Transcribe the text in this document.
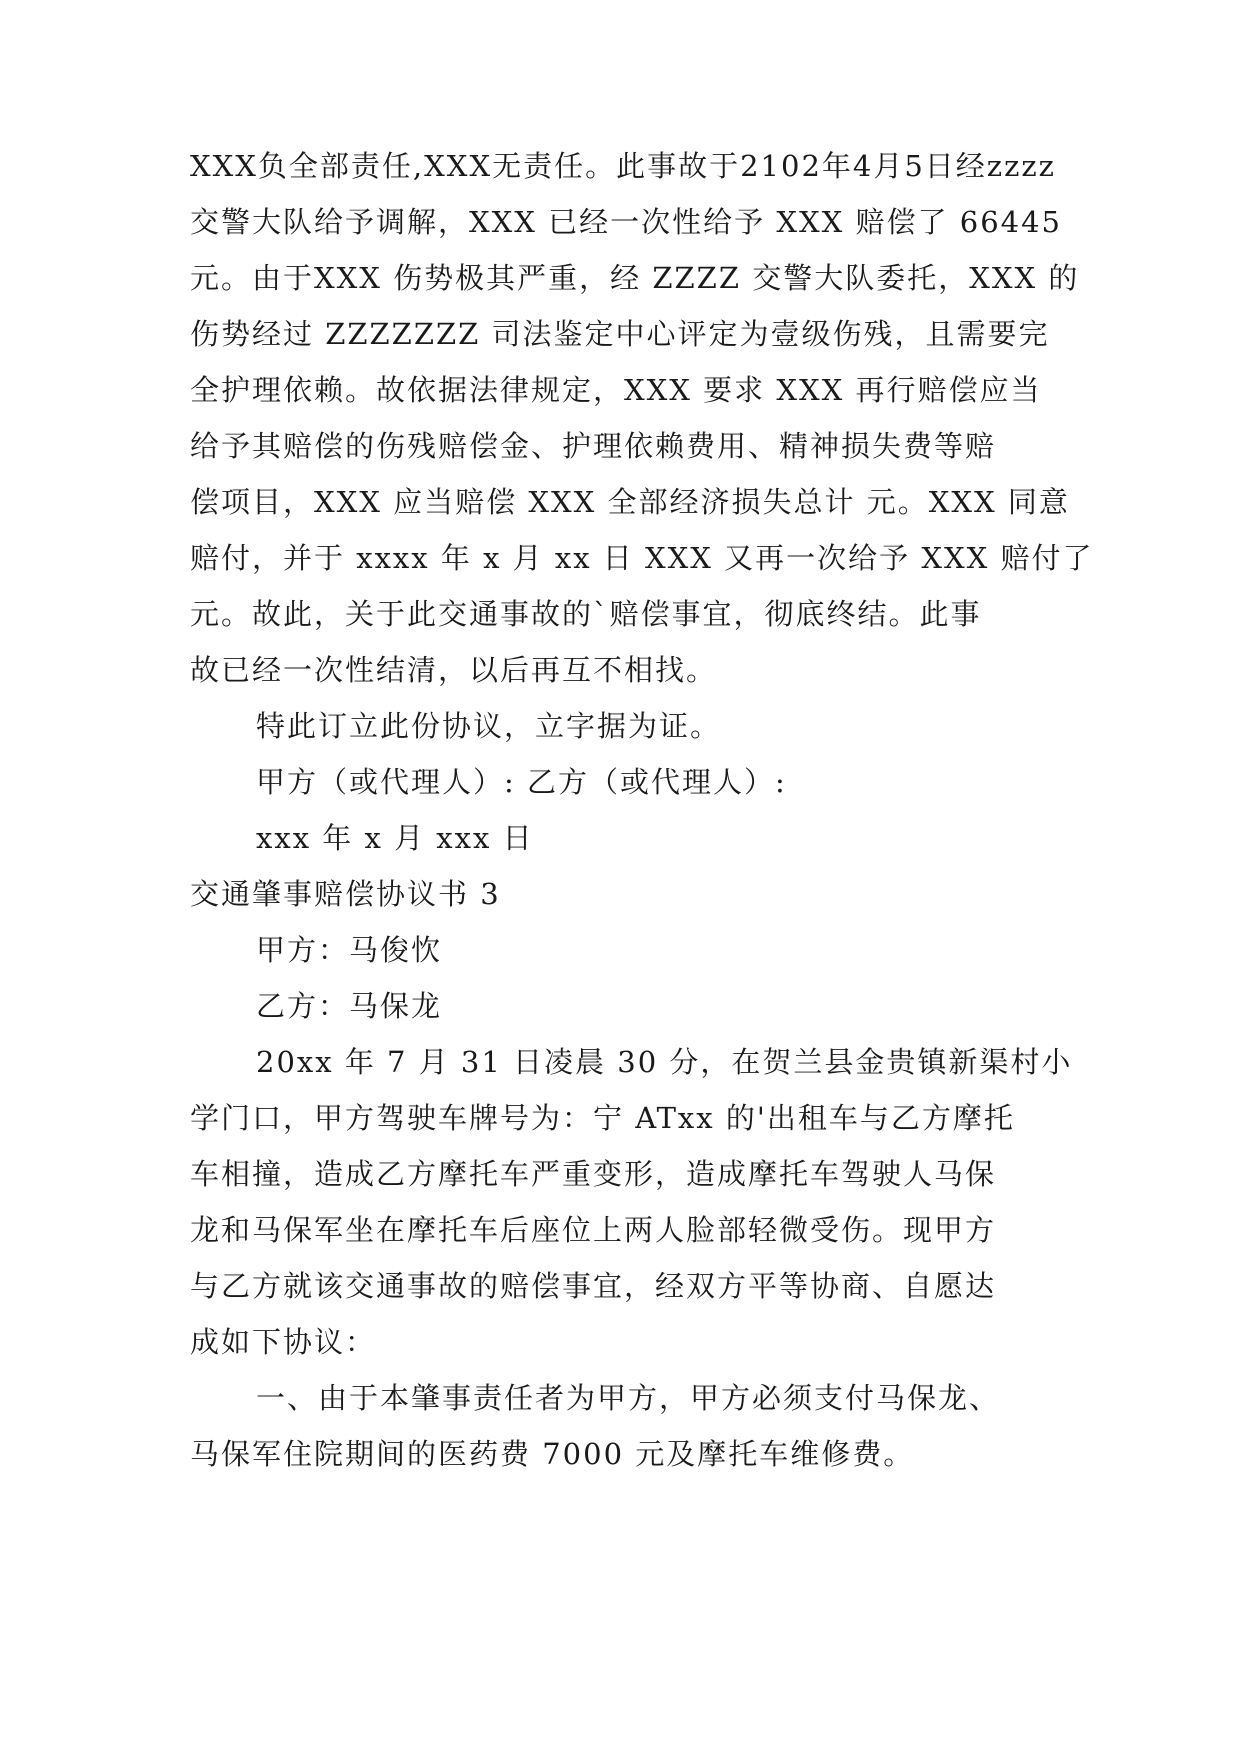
XXX负全部责任,XXX无责任。此事故于2102年4月5日经zzzz
交警大队给予调解，XXX 已经一次性给予 XXX 赔偿了 66445
元。由于XXX 伤势极其严重，经 ZZZZ 交警大队委托，XXX 的
伤势经过 ZZZZZZZ 司法鉴定中心评定为壹级伤残，且需要完
全护理依赖。故依据法律规定，XXX 要求 XXX 再行赔偿应当
给予其赔偿的伤残赔偿金、护理依赖费用、精神损失费等赔
偿项目，XXX 应当赔偿 XXX 全部经济损失总计 元。XXX 同意
赔付，并于 xxxx 年 x 月 xx 日 XXX 又再一次给予 XXX 赔付了
元。故此，关于此交通事故的`赔偿事宜，彻底终结。此事
故已经一次性结清，以后再互不相找。
特此订立此份协议，立字据为证。
甲方（或代理人）: 乙方（或代理人）:
xxx 年 x 月 xxx 日
交通肇事赔偿协议书 3
甲方：马俊忺
乙方：马保龙
20xx 年 7 月 31 日凌晨 30 分，在贺兰县金贵镇新渠村小
学门口，甲方驾驶车牌号为：宁 ATxx 的'出租车与乙方摩托
车相撞，造成乙方摩托车严重变形，造成摩托车驾驶人马保
龙和马保军坐在摩托车后座位上两人脸部轻微受伤。现甲方
与乙方就该交通事故的赔偿事宜，经双方平等协商、自愿达
成如下协议：
一、由于本肇事责任者为甲方，甲方必须支付马保龙、
马保军住院期间的医药费 7000 元及摩托车维修费。
